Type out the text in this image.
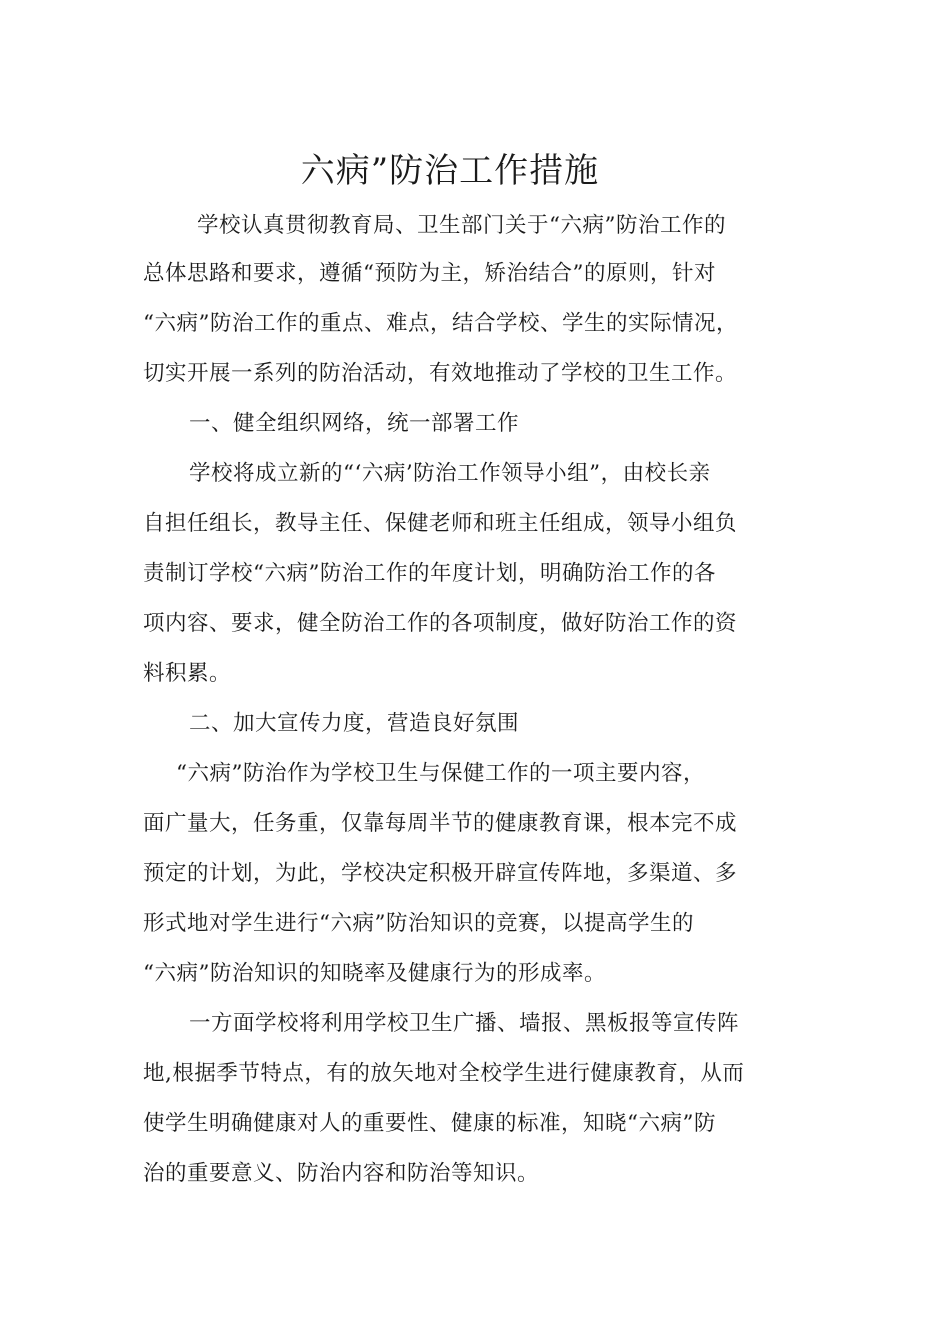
六病”防治工作措施
学校认真贯彻教育局、卫生部门关于“六病”防治工作的
总体思路和要求，遵循“预防为主，矫治结合”的原则，针对
“六病”防治工作的重点、难点，结合学校、学生的实际情况，
切实开展一系列的防治活动，有效地推动了学校的卫生工作。
一、健全组织网络，统一部署工作
学校将成立新的“‘六病’防治工作领导小组”，由校长亲
自担任组长，教导主任、保健老师和班主任组成，领导小组负
责制订学校“六病”防治工作的年度计划，明确防治工作的各
项内容、要求，健全防治工作的各项制度，做好防治工作的资
料积累。
二、加大宣传力度，营造良好氛围
“六病”防治作为学校卫生与保健工作的一项主要内容，
面广量大，任务重，仅靠每周半节的健康教育课，根本完不成
预定的计划，为此，学校决定积极开辟宣传阵地，多渠道、多
形式地对学生进行“六病”防治知识的竞赛，以提高学生的
“六病”防治知识的知晓率及健康行为的形成率。
一方面学校将利用学校卫生广播、墙报、黑板报等宣传阵
地,根据季节特点，有的放矢地对全校学生进行健康教育，从而
使学生明确健康对人的重要性、健康的标准，知晓“六病”防
治的重要意义、防治内容和防治等知识。
